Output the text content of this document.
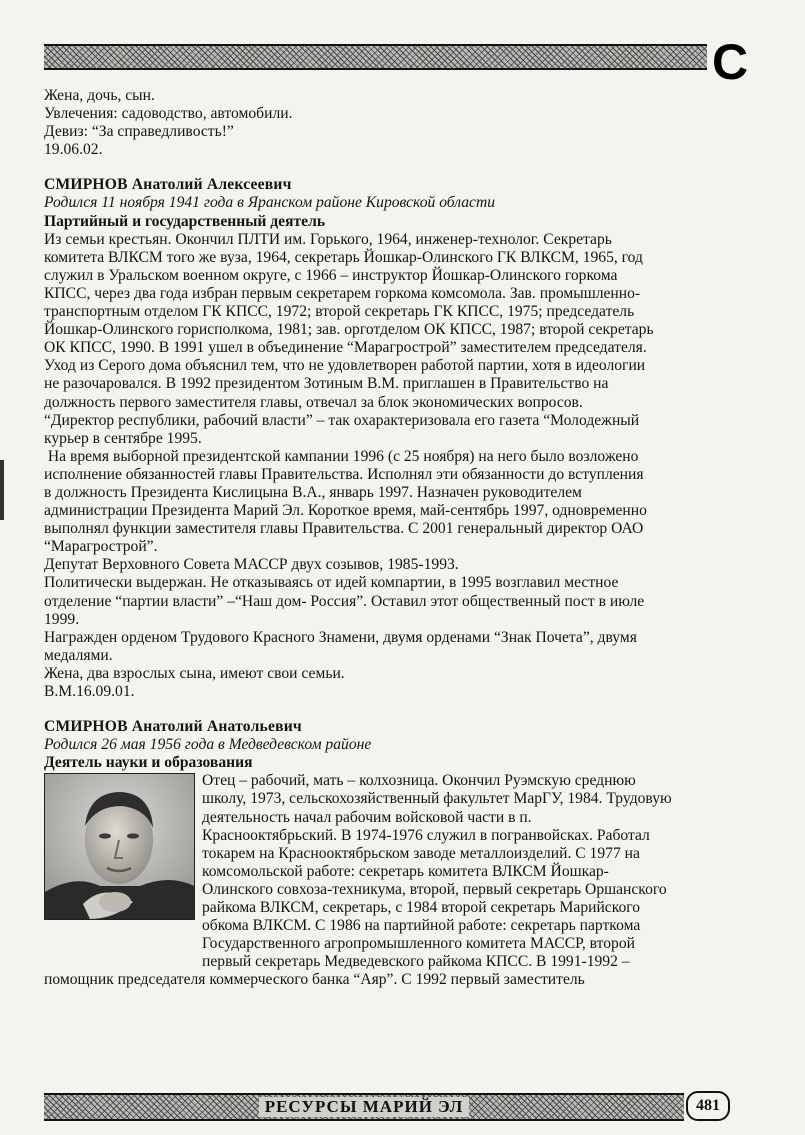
С
Жена, дочь, сын.
Увлечения: садоводство, автомобили.
Девиз: “За справедливость!”
19.06.02.
СМИРНОВ Анатолий Алексеевич
Родился 11 ноября 1941 года в Яранском районе Кировской области
Партийный и государственный деятель
Из семьи крестьян. Окончил ПЛТИ им. Горького, 1964, инженер-технолог. Секретарь
комитета ВЛКСМ того же вуза, 1964, секретарь Йошкар-Олинского ГК ВЛКСМ, 1965, год
служил в Уральском военном округе, с 1966 – инструктор Йошкар-Олинского горкома
КПСС, через два года избран первым секретарем горкома комсомола. Зав. промышленно-
транспортным отделом ГК КПСС, 1972; второй секретарь ГК КПСС, 1975; председатель
Йошкар-Олинского горисполкома, 1981; зав. орготделом ОК КПСС, 1987; второй секретарь
ОК КПСС, 1990. В 1991 ушел в объединение “Марагрострой” заместителем председателя.
Уход из Серого дома объяснил тем, что не удовлетворен работой партии, хотя в идеологии
не разочаровался. В 1992 президентом Зотиным В.М. приглашен в Правительство на
должность первого заместителя главы, отвечал за блок экономических вопросов.
“Директор республики, рабочий власти” – так охарактеризовала его газета “Молодежный
курьер в сентябре 1995.
На время выборной президентской кампании 1996 (с 25 ноября) на него было возложено
исполнение обязанностей главы Правительства. Исполнял эти обязанности до вступления
в должность Президента Кислицына В.А., январь 1997. Назначен руководителем
администрации Президента Марий Эл. Короткое время, май-сентябрь 1997, одновременно
выполнял функции заместителя главы Правительства. С 2001 генеральный директор ОАО
“Марагрострой”.
Депутат Верховного Совета МАССР двух созывов, 1985-1993.
Политически выдержан. Не отказываясь от идей компартии, в 1995 возглавил местное
отделение “партии власти” –“Наш дом- Россия”. Оставил этот общественный пост в июле
1999.
Награжден орденом Трудового Красного Знамени, двумя орденами “Знак Почета”, двумя
медалями.
Жена, два взрослых сына, имеют свои семьи.
В.М.16.09.01.
СМИРНОВ Анатолий Анатольевич
Родился 26 мая 1956 года в Медведевском районе
Деятель науки и образования
Отец – рабочий, мать – колхозница. Окончил Руэмскую среднюю
школу, 1973, сельскохозяйственный факультет МарГУ, 1984. Трудовую
деятельность начал рабочим войсковой части в п.
Краснооктябрьский. В 1974-1976 служил в погранвойсках. Работал
токарем на Краснооктябрьском заводе металлоизделий. С 1977 на
комсомольской работе: секретарь комитета ВЛКСМ Йошкар-
Олинского совхоза-техникума, второй, первый секретарь Оршанского
райкома ВЛКСМ, секретарь, с 1984 второй секретарь Марийского
обкома ВЛКСМ. С 1986 на партийной работе: секретарь парткома
Государственного агропромышленного комитета МАССР, второй
первый секретарь Медведевского райкома КПСС. В 1991-1992 –
помощник председателя коммерческого банка “Аяр”. С 1992 первый заместитель
РЕСУРСЫ МАРИЙ ЭЛ	481
